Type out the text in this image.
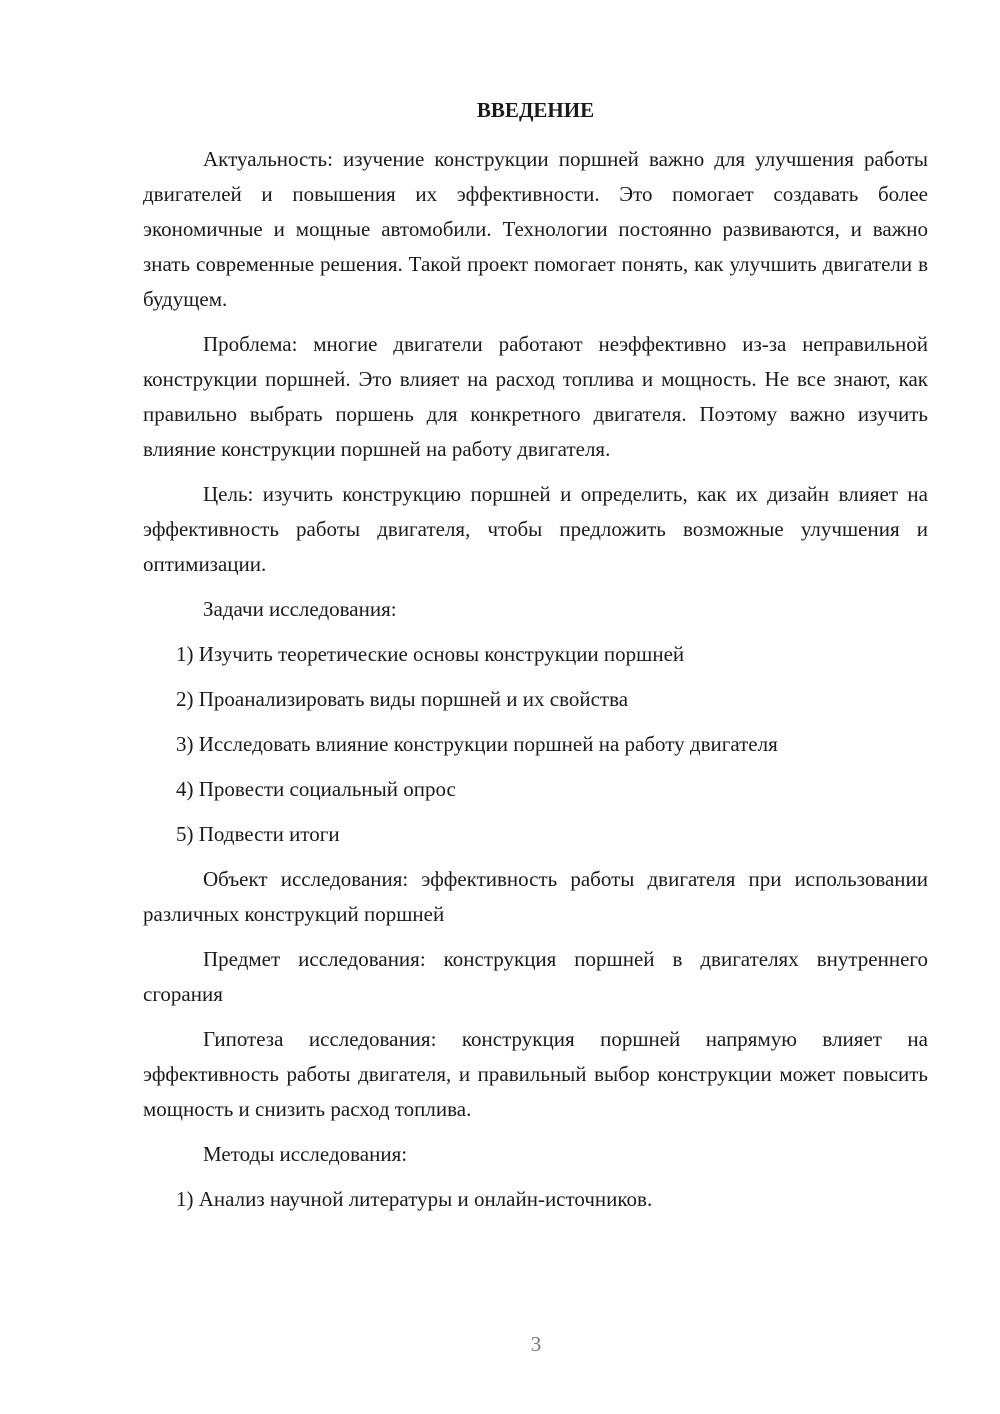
ВВЕДЕНИЕ

Актуальность: изучение конструкции поршней важно для улучшения работы двигателей и повышения их эффективности. Это помогает создавать более экономичные и мощные автомобили. Технологии постоянно развиваются, и важно знать современные решения. Такой проект помогает понять, как улучшить двигатели в будущем.

Проблема: многие двигатели работают неэффективно из-за неправильной конструкции поршней. Это влияет на расход топлива и мощность. Не все знают, как правильно выбрать поршень для конкретного двигателя. Поэтому важно изучить влияние конструкции поршней на работу двигателя.

Цель: изучить конструкцию поршней и определить, как их дизайн влияет на эффективность работы двигателя, чтобы предложить возможные улучшения и оптимизации.

Задачи исследования:

1) Изучить теоретические основы конструкции поршней
2) Проанализировать виды поршней и их свойства
3) Исследовать влияние конструкции поршней на работу двигателя
4) Провести социальный опрос
5) Подвести итоги

Объект исследования: эффективность работы двигателя при использовании различных конструкций поршней

Предмет исследования: конструкция поршней в двигателях внутреннего сгорания

Гипотеза исследования: конструкция поршней напрямую влияет на эффективность работы двигателя, и правильный выбор конструкции может повысить мощность и снизить расход топлива.

Методы исследования:

1) Анализ научной литературы и онлайн-источников.
3
